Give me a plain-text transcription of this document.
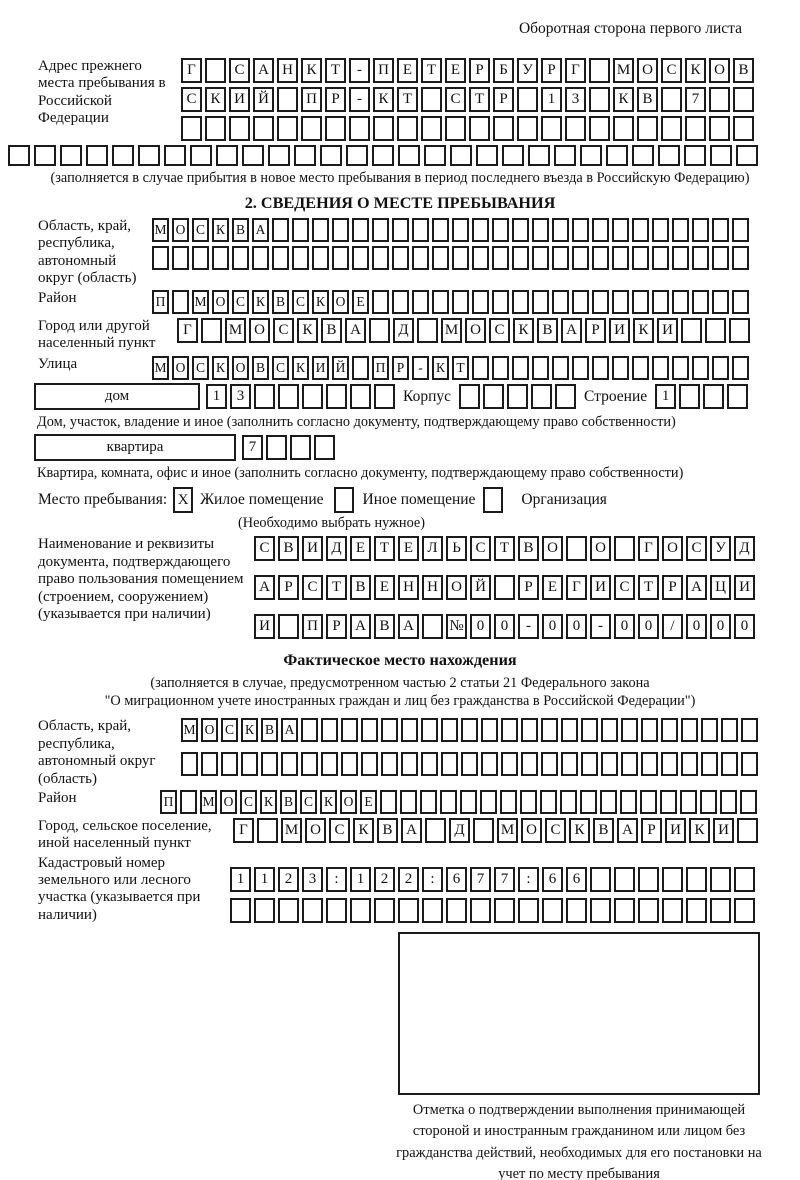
Оборотная сторона первого листа
Адрес прежнего места пребывания в Российской Федерации
Г	С А Н К Т	-	П Е Т Е	Р	Б У Р	Г	М О С К О В
С К И Й	П Р	-	К Т	С Т	Р	1	3	К В	7
(заполняется в случае прибытия в новое место пребывания в период последнего въезда в Российскую Федерацию)
2. СВЕДЕНИЯ О МЕСТЕ ПРЕБЫВАНИЯ
Область, край, республика, автономный округ (область)
М О С К В А
Район	П М О С К В С К О Е
Город или другой населенный пункт
Г	М О С К В А	Д	М О С К В А Р И К И
Улица	М О С К О В С К И Й П Р	- К Т
дом	1	3	Корпус	Строение 1
Дом, участок, владение и иное (заполнить согласно документу, подтверждающему право собственности)
квартира	7
Квартира, комната, офис и иное (заполнить согласно документу, подтверждающему право собственности)
Место пребывания: X Жилое помещение	Иное помещение	Организация
(Необходимо выбрать нужное)
Наименование и реквизиты документа, подтверждающего право пользования помещением (строением, сооружением) (указывается при наличии)
С В И Д Е Т Е Л Ь С Т В О	О	Г О С У Д
А Р С Т В Е Н Н О Й	Р	Е	Г И С Т	Р А Ц И
И	П Р А В А	№ 0	0	-	0	0	-	0	0	/	0	0	0
Фактическое место нахождения
(заполняется в случае, предусмотренном частью 2 статьи 21 Федерального закона
"О миграционном учете иностранных граждан и лиц без гражданства в Российской Федерации")
Область, край, республика, автономный округ (область)
М О С К В А
Район	П М О С К В С К О Е
Город, сельское поселение, иной населенный пункт
Г	М О С К В А	Д	М О С К В А Р И К И
Кадастровый номер земельного или лесного участка (указывается при наличии)
1	1	2	3	:	1	2	2	:	6	7	7	:	6	6
Отметка о подтверждении выполнения принимающей стороной и иностранным гражданином или лицом без гражданства действий, необходимых для его постановки на учет по месту пребывания
